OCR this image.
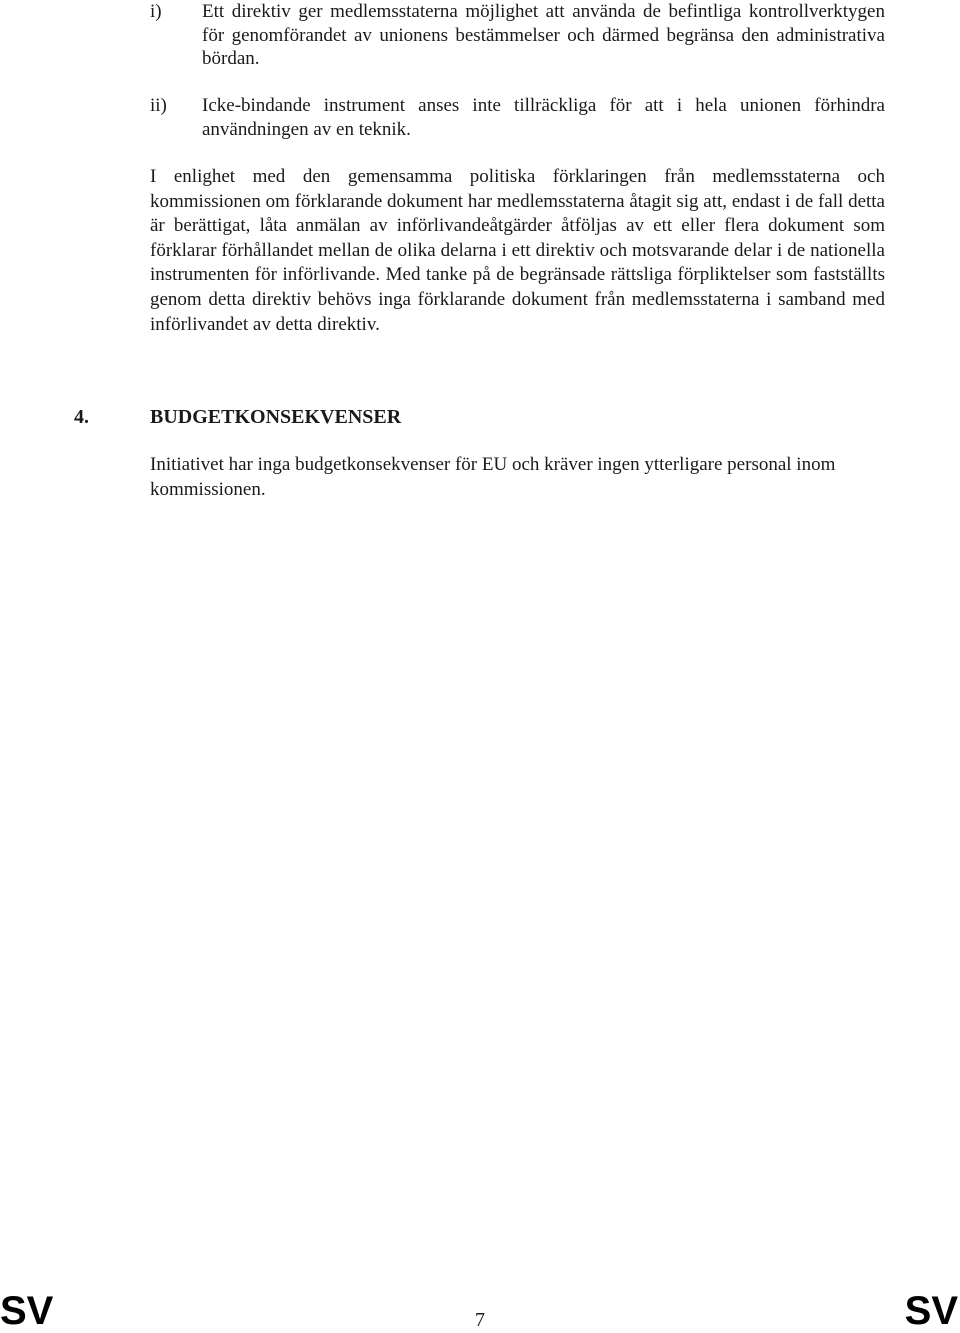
i)	Ett direktiv ger medlemsstaterna möjlighet att använda de befintliga kontrollverktygen för genomförandet av unionens bestämmelser och därmed begränsa den administrativa bördan.
ii)	Icke-bindande instrument anses inte tillräckliga för att i hela unionen förhindra användningen av en teknik.

I enlighet med den gemensamma politiska förklaringen från medlemsstaterna och kommissionen om förklarande dokument har medlemsstaterna åtagit sig att, endast i de fall detta är berättigat, låta anmälan av införlivandeåtgärder åtföljas av ett eller flera dokument som förklarar förhållandet mellan de olika delarna i ett direktiv och motsvarande delar i de nationella instrumenten för införlivande. Med tanke på de begränsade rättsliga förpliktelser som fastställts genom detta direktiv behövs inga förklarande dokument från medlemsstaterna i samband med införlivandet av detta direktiv.

4.	BUDGETKONSEKVENSER

Initiativet har inga budgetkonsekvenser för EU och kräver ingen ytterligare personal inom kommissionen.

SV	7	SV
